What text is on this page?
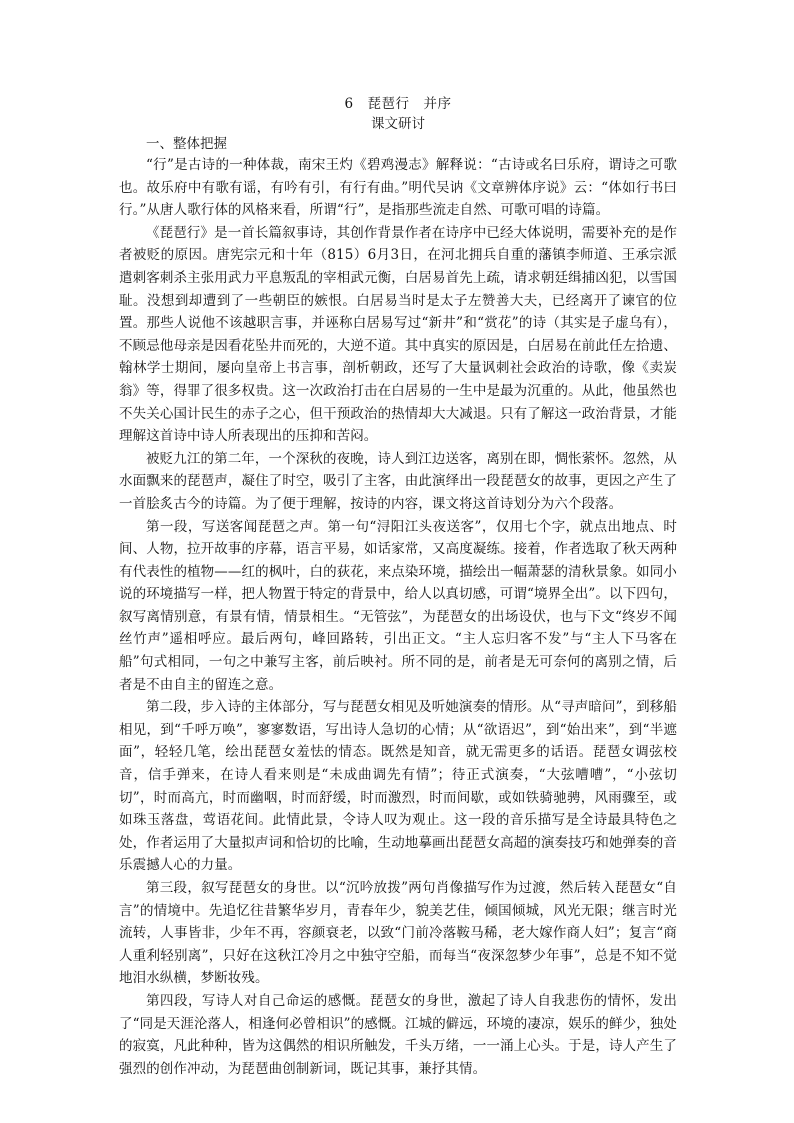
6 琵琶行 并序

课文研讨

一、整体把握

“行”是古诗的一种体裁，南宋王灼《碧鸡漫志》解释说：“古诗或名曰乐府，谓诗之可歌也。故乐府中有歌有谣，有吟有引，有行有曲。”明代吴讷《文章辨体序说》云：“体如行书曰行。”从唐人歌行体的风格来看，所谓“行”，是指那些流走自然、可歌可唱的诗篇。

《琵琶行》是一首长篇叙事诗，其创作背景作者在诗序中已经大体说明，需要补充的是作者被贬的原因。唐宪宗元和十年（815）6月3日，在河北拥兵自重的藩镇李师道、王承宗派遣刺客刺杀主张用武力平息叛乱的宰相武元衡，白居易首先上疏，请求朝廷缉捕凶犯，以雪国耻。没想到却遭到了一些朝臣的嫉恨。白居易当时是太子左赞善大夫，已经离开了谏官的位置。那些人说他不该越职言事，并诬称白居易写过“新井”和“赏花”的诗（其实是子虚乌有），不顾忌他母亲是因看花坠井而死的，大逆不道。其中真实的原因是，白居易在前此任左拾遗、翰林学士期间，屡向皇帝上书言事，剖析朝政，还写了大量讽刺社会政治的诗歌，像《卖炭翁》等，得罪了很多权贵。这一次政治打击在白居易的一生中是最为沉重的。从此，他虽然也不失关心国计民生的赤子之心，但干预政治的热情却大大减退。只有了解这一政治背景，才能理解这首诗中诗人所表现出的压抑和苦闷。

被贬九江的第二年，一个深秋的夜晚，诗人到江边送客，离别在即，惆怅萦怀。忽然，从水面飘来的琵琶声，凝住了时空，吸引了主客，由此演绎出一段琵琶女的故事，更因之产生了一首脍炙古今的诗篇。为了便于理解，按诗的内容，课文将这首诗划分为六个段落。

第一段，写送客闻琵琶之声。第一句“浔阳江头夜送客”，仅用七个字，就点出地点、时间、人物，拉开故事的序幕，语言平易，如话家常，又高度凝练。接着，作者选取了秋天两种有代表性的植物——红的枫叶，白的荻花，来点染环境，描绘出一幅萧瑟的清秋景象。如同小说的环境描写一样，把人物置于特定的背景中，给人以真切感，可谓“境界全出”。以下四句，叙写离情别意，有景有情，情景相生。“无管弦”，为琵琶女的出场设伏，也与下文“终岁不闻丝竹声”遥相呼应。最后两句，峰回路转，引出正文。“主人忘归客不发”与“主人下马客在船”句式相同，一句之中兼写主客，前后映衬。所不同的是，前者是无可奈何的离别之情，后者是不由自主的留连之意。

第二段，步入诗的主体部分，写与琵琶女相见及听她演奏的情形。从“寻声暗问”，到移船相见，到“千呼万唤”，寥寥数语，写出诗人急切的心情；从“欲语迟”，到“始出来”，到“半遮面”，轻轻几笔，绘出琵琶女羞怯的情态。既然是知音，就无需更多的话语。琵琶女调弦校音，信手弹来，在诗人看来则是“未成曲调先有情”；待正式演奏，“大弦嘈嘈”，“小弦切切”，时而高亢，时而幽咽，时而舒缓，时而激烈，时而间歇，或如铁骑驰骋，风雨骤至，或如珠玉落盘，莺语花间。此情此景，令诗人叹为观止。这一段的音乐描写是全诗最具特色之处，作者运用了大量拟声词和恰切的比喻，生动地摹画出琵琶女高超的演奏技巧和她弹奏的音乐震撼人心的力量。

第三段，叙写琵琶女的身世。以“沉吟放拨”两句肖像描写作为过渡，然后转入琵琶女“自言”的情境中。先追忆往昔繁华岁月，青春年少，貌美艺佳，倾国倾城，风光无限；继言时光流转，人事皆非，少年不再，容颜衰老，以致“门前冷落鞍马稀，老大嫁作商人妇”；复言“商人重利轻别离”，只好在这秋江冷月之中独守空船，而每当“夜深忽梦少年事”，总是不知不觉地泪水纵横，梦断妆残。

第四段，写诗人对自己命运的感慨。琵琶女的身世，激起了诗人自我悲伤的情怀，发出了“同是天涯沦落人，相逢何必曾相识”的感慨。江城的僻远，环境的凄凉，娱乐的鲜少，独处的寂寞，凡此种种，皆为这偶然的相识所触发，千头万绪，一一涌上心头。于是，诗人产生了强烈的创作冲动，为琵琶曲创制新词，既记其事，兼抒其情。
